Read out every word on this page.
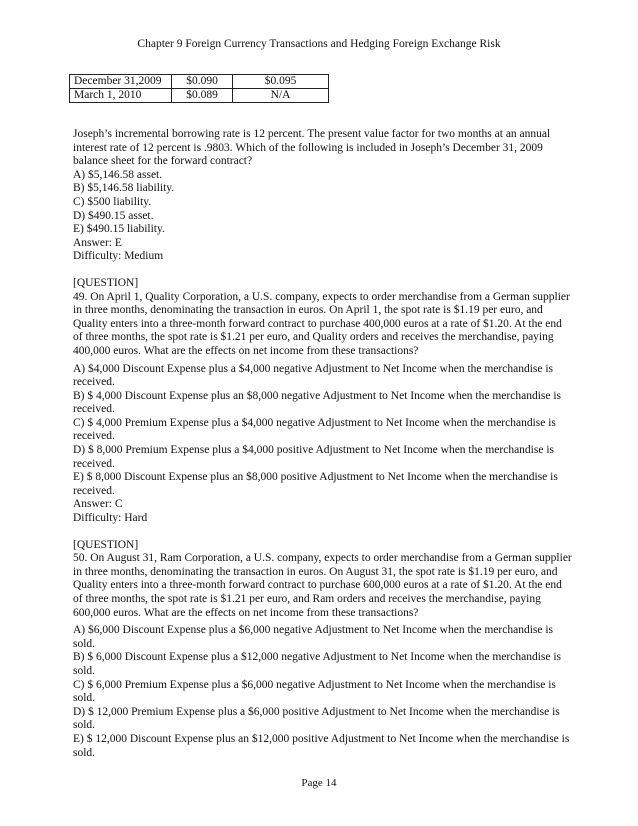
Chapter 9 Foreign Currency Transactions and Hedging Foreign Exchange Risk
December 31,2009	$0.090	$0.095
March 1, 2010	$0.089	N/A

Joseph’s incremental borrowing rate is 12 percent. The present value factor for two months at an annual interest rate of 12 percent is .9803. Which of the following is included in Joseph’s December 31, 2009 balance sheet for the forward contract?

A) $5,146.58 asset.

B) $5,146.58 liability.

C) $500 liability.

D) $490.15 asset.

E) $490.15 liability.

Answer: E

Difficulty: Medium

[QUESTION]

49. On April 1, Quality Corporation, a U.S. company, expects to order merchandise from a German supplier in three months, denominating the transaction in euros. On April 1, the spot rate is $1.19 per euro, and Quality enters into a three-month forward contract to purchase 400,000 euros at a rate of $1.20. At the end of three months, the spot rate is $1.21 per euro, and Quality orders and receives the merchandise, paying 400,000 euros. What are the effects on net income from these transactions?

A) $4,000 Discount Expense plus a $4,000 negative Adjustment to Net Income when the merchandise is received.

B) $ 4,000 Discount Expense plus an $8,000 negative Adjustment to Net Income when the merchandise is received.

C) $ 4,000 Premium Expense plus a $4,000 negative Adjustment to Net Income when the merchandise is received.

D) $ 8,000 Premium Expense plus a $4,000 positive Adjustment to Net Income when the merchandise is received.

E) $ 8,000 Discount Expense plus an $8,000 positive Adjustment to Net Income when the merchandise is received.

Answer: C

Difficulty: Hard

[QUESTION]

50. On August 31, Ram Corporation, a U.S. company, expects to order merchandise from a German supplier in three months, denominating the transaction in euros. On August 31, the spot rate is $1.19 per euro, and Quality enters into a three-month forward contract to purchase 600,000 euros at a rate of $1.20. At the end of three months, the spot rate is $1.21 per euro, and Ram orders and receives the merchandise, paying 600,000 euros. What are the effects on net income from these transactions?

A) $6,000 Discount Expense plus a $6,000 negative Adjustment to Net Income when the merchandise is sold.

B) $ 6,000 Discount Expense plus a $12,000 negative Adjustment to Net Income when the merchandise is sold.

C) $ 6,000 Premium Expense plus a $6,000 negative Adjustment to Net Income when the merchandise is sold.

D) $ 12,000 Premium Expense plus a $6,000 positive Adjustment to Net Income when the merchandise is sold.

E) $ 12,000 Discount Expense plus an $12,000 positive Adjustment to Net Income when the merchandise is sold.

Page 14
